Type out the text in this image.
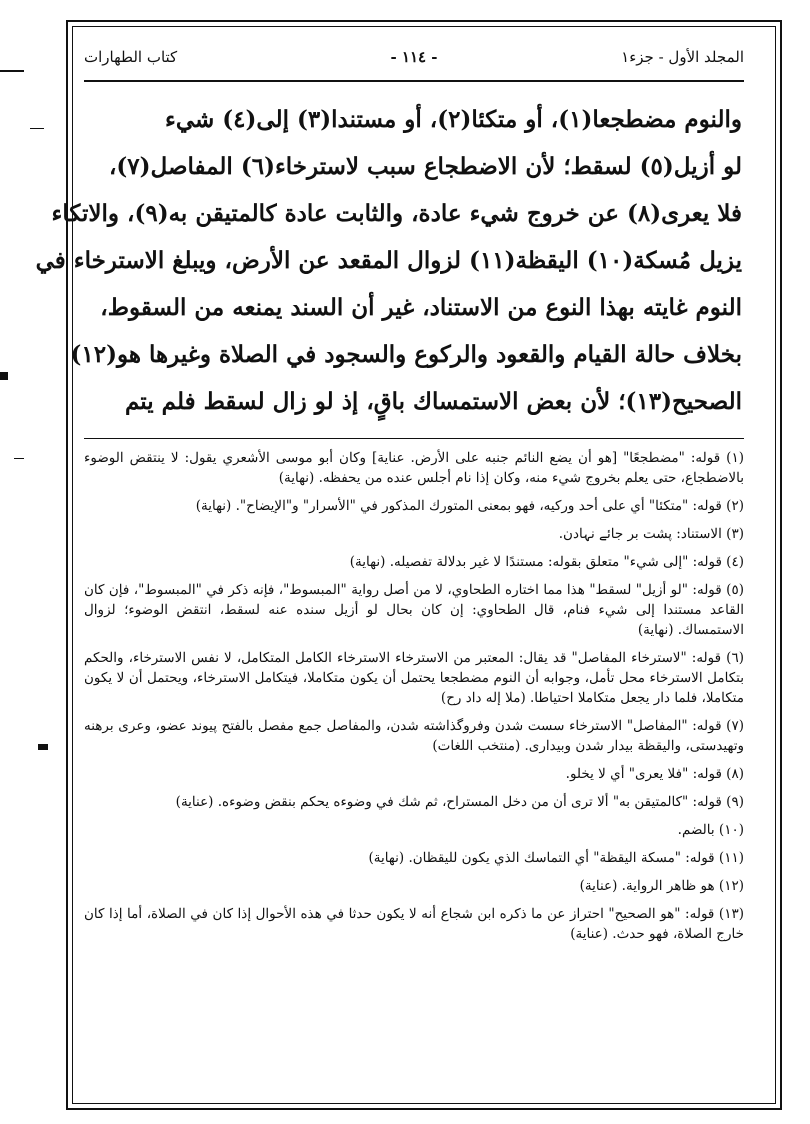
المجلد الأول - جزء١
- ١١٤ -
كتاب الطهارات
والنوم مضطجعا(١)، أو متكئا(٢)، أو مستندا(٣) إلى(٤) شيء
لو أزيل(٥) لسقط؛ لأن الاضطجاع سبب لاسترخاء(٦) المفاصل(٧)،
فلا يعرى(٨) عن خروج شيء عادة، والثابت عادة كالمتيقن به(٩)، والاتكاء
يزيل مُسكة(١٠) اليقظة(١١) لزوال المقعد عن الأرض، ويبلغ الاسترخاء في
النوم غايته بهذا النوع من الاستناد، غير أن السند يمنعه من السقوط،
بخلاف حالة القيام والقعود والركوع والسجود في الصلاة وغيرها هو(١٢)
الصحيح(١٣)؛ لأن بعض الاستمساك باقٍ، إذ لو زال لسقط فلم يتم

(١) قوله: "مضطجعًا" [هو أن يضع النائم جنبه على الأرض. عناية] وكان أبو موسى الأشعري يقول: لا ينتقض الوضوء بالاضطجاع، حتى يعلم بخروج شيء منه، وكان إذا نام أجلس عنده من يحفظه. (نهاية)

(٢) قوله: "متكئا" أي على أحد وركيه، فهو بمعنى المتورك المذكور في "الأسرار" و"الإيضاح". (نهاية)

(٣) الاستناد: پشت بر جائے نہادن.

(٤) قوله: "إلى شيء" متعلق بقوله: مستندًا لا غير بدلالة تفصيله. (نهاية)

(٥) قوله: "لو أزيل" لسقط" هذا مما اختاره الطحاوي، لا من أصل رواية "المبسوط"، فإنه ذكر في "المبسوط"، فإن كان القاعد مستندا إلى شيء فنام، قال الطحاوي: إن كان بحال لو أزيل سنده عنه لسقط، انتقض الوضوء؛ لزوال الاستمساك. (نهاية)

(٦) قوله: "لاسترخاء المفاصل" قد يقال: المعتبر من الاسترخاء الاسترخاء الكامل المتكامل، لا نفس الاسترخاء، والحكم بتكامل الاسترخاء محل تأمل، وجوابه أن النوم مضطجعا يحتمل أن يكون متكاملا، فيتكامل الاسترخاء، ويحتمل أن لا يكون متكاملا، فلما دار يجعل متكاملا احتياطا. (ملا إله داد رح)

(٧) قوله: "المفاصل" الاسترخاء سست شدن وفروگذاشته شدن، والمفاصل جمع مفصل بالفتح پيوند عضو، وعرى برهنه وتهيدستی، واليقظة بيدار شدن وبيداری. (منتخب اللغات)

(٨) قوله: "فلا يعرى" أي لا يخلو.

(٩) قوله: "كالمتيقن به" ألا ترى أن من دخل المستراح، ثم شك في وضوءه يحكم بنقض وضوءه. (عناية)

(١٠) بالضم.

(١١) قوله: "مسكة اليقظة" أي التماسك الذي يكون لليقظان. (نهاية)

(١٢) هو ظاهر الرواية. (عناية)

(١٣) قوله: "هو الصحيح" احتراز عن ما ذكره ابن شجاع أنه لا يكون حدثا في هذه الأحوال إذا كان في الصلاة، أما إذا كان خارج الصلاة، فهو حدث. (عناية)
